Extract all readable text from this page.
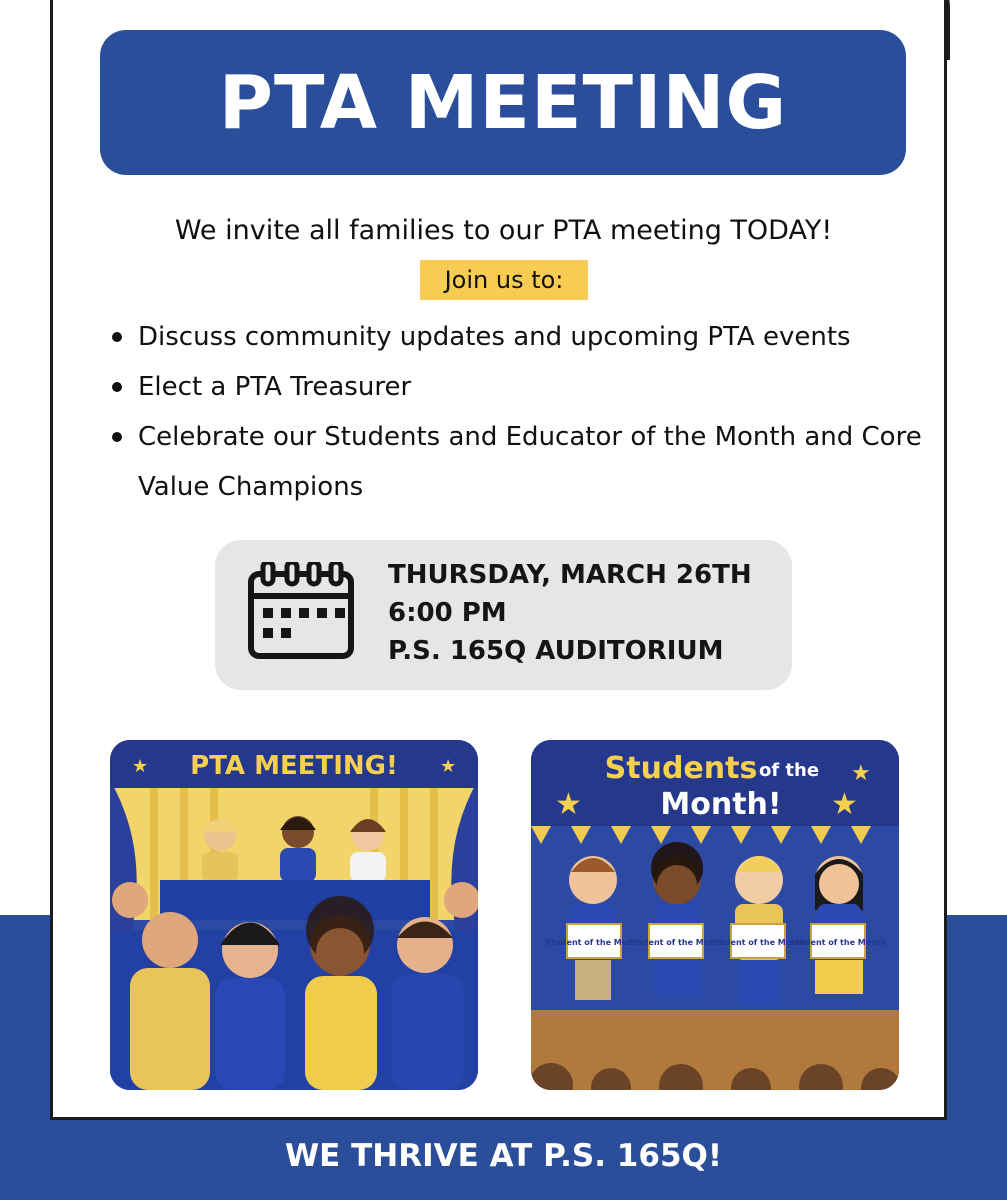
PTA MEETING
We invite all families to our PTA meeting TODAY!
Join us to:
Discuss community updates and upcoming PTA events
Elect a PTA Treasurer
Celebrate our Students and Educator of the Month and Core Value Champions
THURSDAY, MARCH 26TH
6:00 PM
P.S. 165Q AUDITORIUM
PTA MEETING!
★	★	Students of the
Month!
★	★
★
Student of the Month
Student of the Month
Student of the Month
Student of the Month
WE THRIVE AT P.S. 165Q!
